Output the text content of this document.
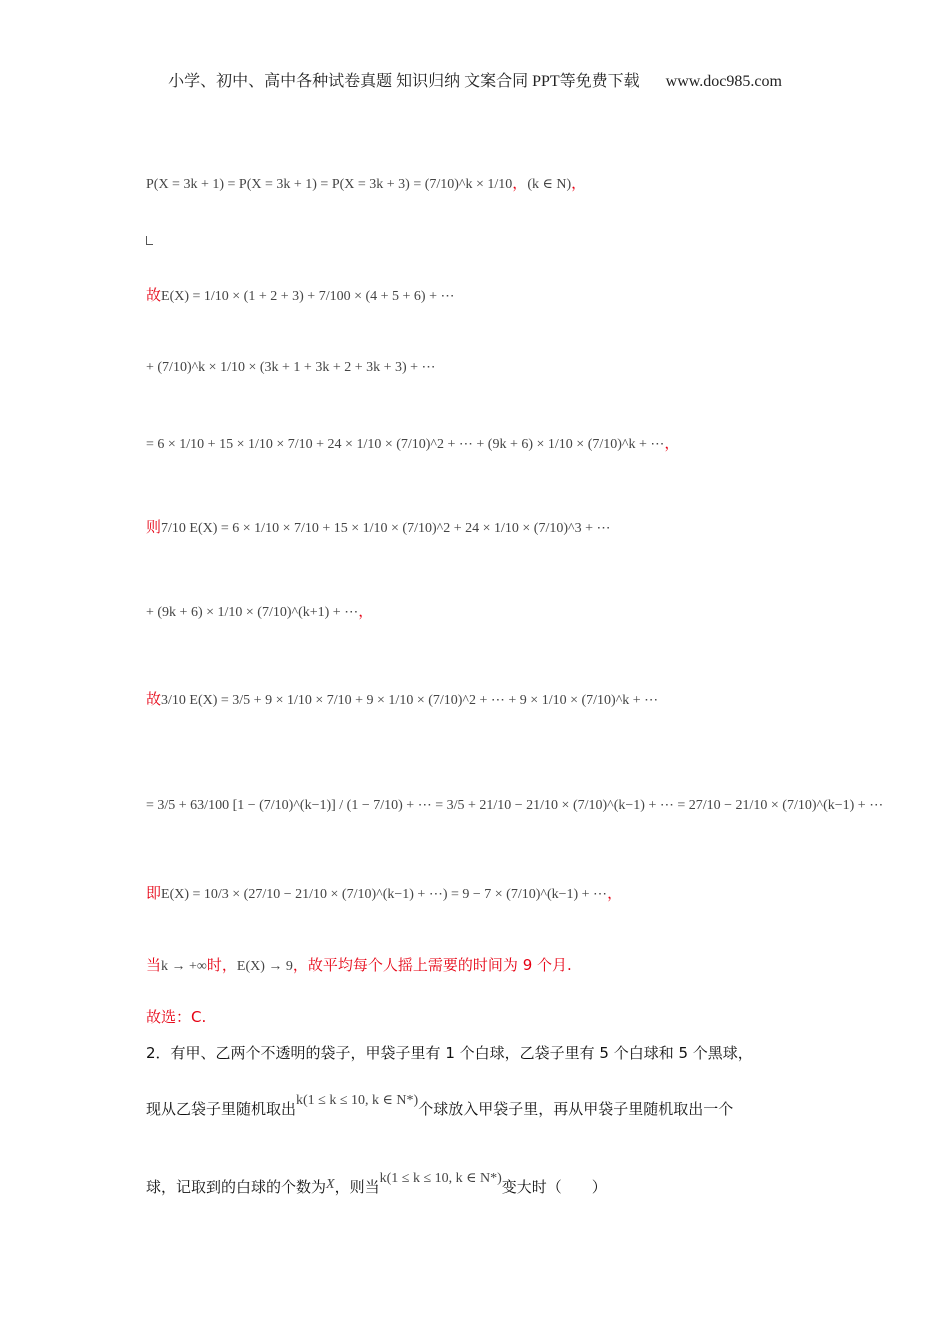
小学、初中、高中各种试卷真题 知识归纳 文案合同 PPT等免费下载 www.doc985.com
P(X = 3k + 1) = P(X = 3k + 1) = P(X = 3k + 3) = (7/10)^k × 1/10，(k ∈ N)，
故E(X) = 1/10 × (1 + 2 + 3) + 7/100 × (4 + 5 + 6) + ⋯
+ (7/10)^k × 1/10 × (3k + 1 + 3k + 2 + 3k + 3) + ⋯
= 6 × 1/10 + 15 × 1/10 × 7/10 + 24 × 1/10 × (7/10)^2 + ⋯ + (9k + 6) × 1/10 × (7/10)^k + ⋯，
则7/10 E(X) = 6 × 1/10 × 7/10 + 15 × 1/10 × (7/10)^2 + 24 × 1/10 × (7/10)^3 + ⋯
+ (9k + 6) × 1/10 × (7/10)^(k+1) + ⋯，
故3/10 E(X) = 3/5 + 9 × 1/10 × 7/10 + 9 × 1/10 × (7/10)^2 + ⋯ + 9 × 1/10 × (7/10)^k + ⋯
= 3/5 + 63/100 [1 − (7/10)^(k−1)] / (1 − 7/10) + ⋯ = 3/5 + 21/10 − 21/10 × (7/10)^(k−1) + ⋯ = 27/10 − 21/10 × (7/10)^(k−1) + ⋯
即E(X) = 10/3 × (27/10 − 21/10 × (7/10)^(k−1) + ⋯) = 9 − 7 × (7/10)^(k−1) + ⋯，
当k → +∞时，E(X) → 9，故平均每个人摇上需要的时间为 9 个月.
故选：C.
2．有甲、乙两个不透明的袋子，甲袋子里有 1 个白球，乙袋子里有 5 个白球和 5 个黑球，
现从乙袋子里随机取出k(1 ≤ k ≤ 10, k ∈ N*)个球放入甲袋子里，再从甲袋子里随机取出一个
球，记取到的白球的个数为X，则当k(1 ≤ k ≤ 10, k ∈ N*)变大时（　　）
